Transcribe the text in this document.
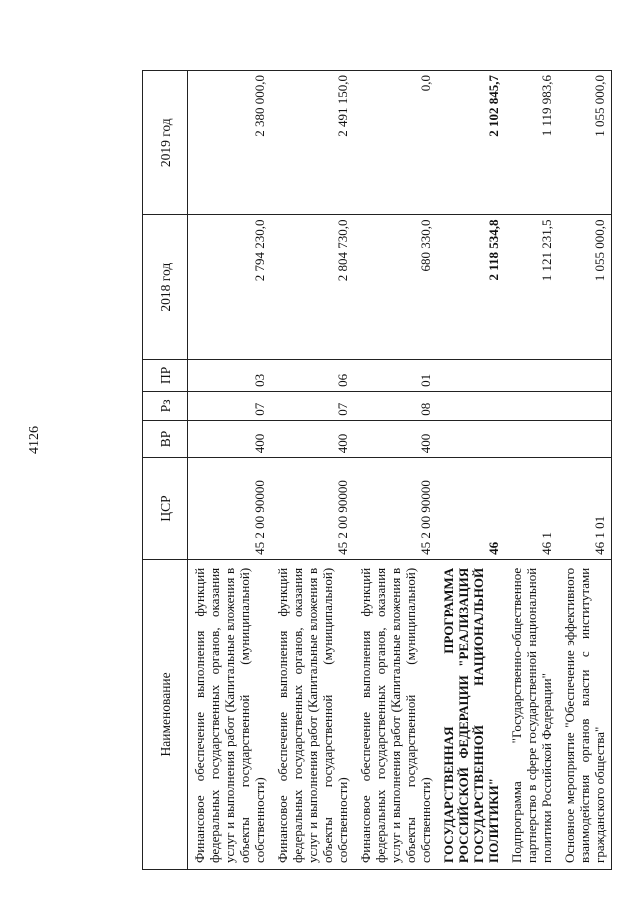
Наименование	ЦСР	ВР	Рз	ПР	2018 год	2019 год
Финансовое обеспечение выполнения функций федеральных государственных органов, оказания услуг и выполнения работ (Капитальные вложения в объекты государственной (муниципальной) собственности)	45 2 00 90000	400	07	03	2 794 230,0	2 380 000,0
Финансовое обеспечение выполнения функций федеральных государственных органов, оказания услуг и выполнения работ (Капитальные вложения в объекты государственной (муниципальной) собственности)	45 2 00 90000	400	07	06	2 804 730,0	2 491 150,0
Финансовое обеспечение выполнения функций федеральных государственных органов, оказания услуг и выполнения работ (Капитальные вложения в объекты государственной (муниципальной) собственности)	45 2 00 90000	400	08	01	680 330,0	0,0
ГОСУДАРСТВЕННАЯ ПРОГРАММА РОССИЙСКОЙ ФЕДЕРАЦИИ "РЕАЛИЗАЦИЯ ГОСУДАРСТВЕННОЙ НАЦИОНАЛЬНОЙ ПОЛИТИКИ"	46				2 118 534,8	2 102 845,7
Подпрограмма "Государственно-общественное партнерство в сфере государственной национальной политики Российской Федерации"	46 1				1 121 231,5	1 119 983,6
Основное мероприятие "Обеспечение эффективного взаимодействия органов власти с институтами гражданского общества"	46 1 01				1 055 000,0	1 055 000,0
4126
